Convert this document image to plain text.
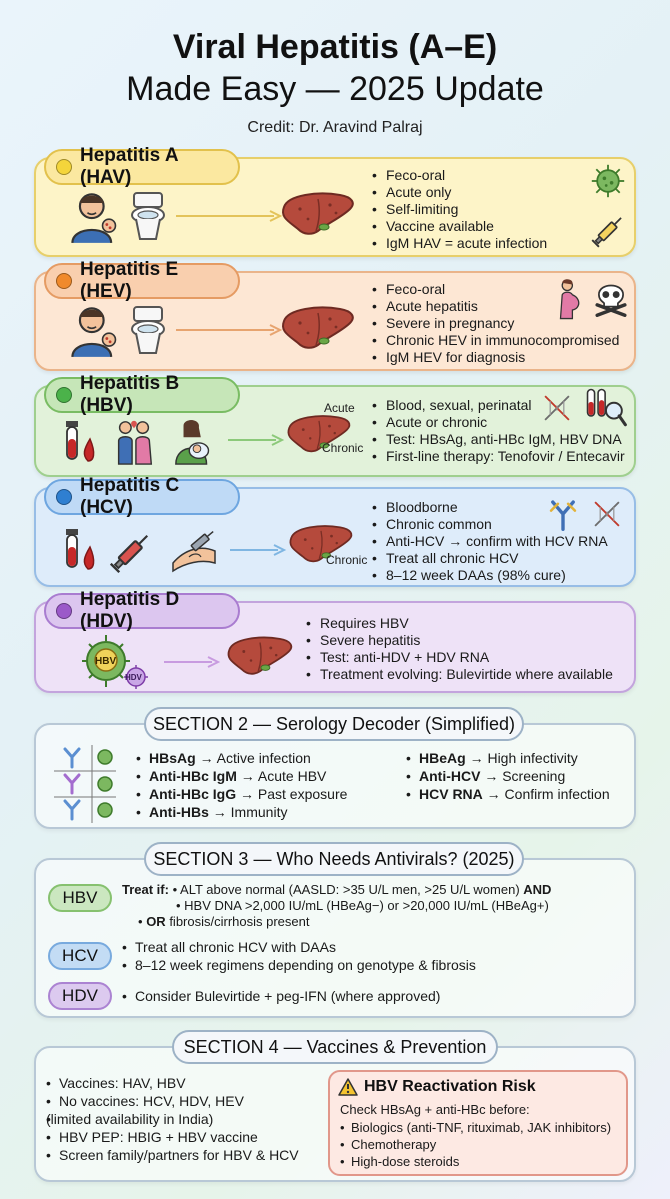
Viral Hepatitis (A–E)
Made Easy — 2025 Update
Credit: Dr. Aravind Palraj
Hepatitis A (HAV)	• Feco-oral
• Acute only
• Self-limiting
• Vaccine available
• IgM HAV = acute infection
Hepatitis E (HEV)	• Feco-oral
• Acute hepatitis
• Severe in pregnancy
• Chronic HEV in immunocompromised
• IgM HEV for diagnosis
Hepatitis B (HBV)	Acute
Chronic
• Blood, sexual, perinatal
• Acute or chronic
• Test: HBsAg, anti-HBc IgM, HBV DNA
• First-line therapy: Tenofovir / Entecavir
Hepatitis C (HCV)
Chronic
• Bloodborne
• Chronic common
• Anti-HCV → confirm with HCV RNA
• Treat all chronic HCV
• 8–12 week DAAs (98% cure)
Hepatitis D (HDV)
HBV
HDV
• Requires HBV
• Severe hepatitis
• Test: anti-HDV + HDV RNA
• Treatment evolving: Bulevirtide where available
SECTION 2 — Serology Decoder (Simplified)
• HBsAg → Active infection
• Anti-HBc IgM → Acute HBV
• Anti-HBc IgG → Past exposure
• Anti-HBs → Immunity
• HBeAg → High infectivity
• Anti-HCV → Screening
• HCV RNA → Confirm infection
SECTION 3 — Who Needs Antivirals? (2025)
HBV	Treat if: • ALT above normal (AASLD: >35 U/L men, >25 U/L women) AND
• HBV DNA >2,000 IU/mL (HBeAg−) or >20,000 IU/mL (HBeAg+)
• OR fibrosis/cirrhosis present
HCV	• Treat all chronic HCV with DAAs
• 8–12 week regimens depending on genotype & fibrosis
HDV	• Consider Bulevirtide + peg-IFN (where approved)
SECTION 4 — Vaccines & Prevention
• Vaccines: HAV, HBV
• No vaccines: HCV, HDV, HEV
• (limited availability in India)
• HBV PEP: HBIG + HBV vaccine
• Screen family/partners for HBV & HCV
HBV Reactivation Risk
Check HBsAg + anti-HBc before:
• Biologics (anti-TNF, rituximab, JAK inhibitors)
• Chemotherapy
• High-dose steroids
